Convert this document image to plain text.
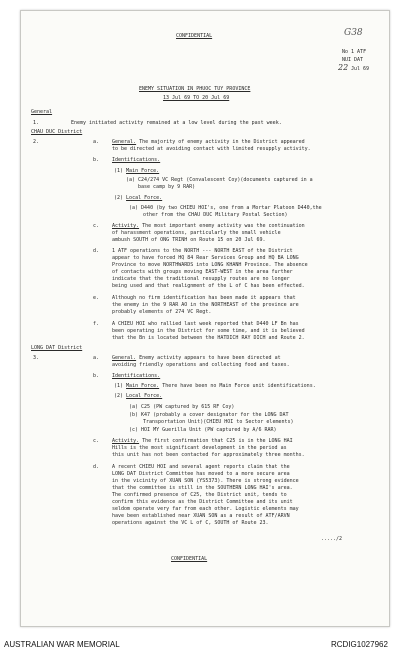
CONFIDENTIAL	G38
No 1 ATF
NUI DAT
22 Jul 69
ENEMY SITUATION IN PHUOC TUY PROVINCE
13 Jul 69 TO 20 Jul 69
General
1.	Enemy initiated activity remained at a low level during the past week.
CHAU DUC District
2.	a.	General. The majority of enemy activity in the District appeared
to be directed at avoiding contact with limited resupply activity.
b.	Identifications.
(1) Main Force.
(a) C24/274 VC Regt (Convalescent Coy)(documents captured in a
base camp by 9 RAR)
(2) Local Force.
(a) D440 (by two CHIEU HOI's, one from a Mortar Platoon D440,the
other from the CHAU DUC Military Postal Section)
c.	Activity. The most important enemy activity was the continuation
of harassment operations, particularly the small vehicle
ambush SOUTH of ONG TRINH on Route 15 on 20 Jul 69.
d.	1 ATF operations to the NORTH --- NORTH EAST of the District
appear to have forced HQ 84 Rear Services Group and HQ BA LONG
Province to move NORTHWARDS into LONG KHANH Province. The absence
of contacts with groups moving EAST-WEST in the area further
indicate that the traditional resupply routes are no longer
being used and that realignment of the L of C has been effected.
e.	Although no firm identification has been made it appears that
the enemy in the 9 RAR AO in the NORTHEAST of the province are
probably elements of 274 VC Regt.
f.	A CHIEU HOI who rallied last week reported that D440 LF Bn has
been operating in the District for some time, and it is believed
that the Bn is located between the HATDICH RAY DICH and Route 2.
LONG DAT District
3.	a.	General. Enemy activity appears to have been directed at
avoiding friendly operations and collecting food and taxes.
b.	Identifications.
(1) Main Force. There have been no Main Force unit identifications.
(2) Local Force.
(a) C25 (PW captured by 615 RF Coy)
(b) K47 (probably a cover designator for the LONG DAT
Transportation Unit)(CHIEU HOI to Sector elements)
(c) HOI MY Guerilla Unit (PW captured by A/6 RAR)
c.	Activity. The first confirmation that C25 is in the LONG HAI
Hills is the most significant development in the period as
this unit has not been contacted for approximately three months.
d.	A recent CHIEU HOI and several agent reports claim that the
LONG DAT District Committee has moved to a more secure area
in the vicinity of XUAN SON (YS5373). There is strong evidence
that the committee is still in the SOUTHERN LONG HAI's area.
The confirmed presence of C25, the District unit, tends to
confirm this evidence as the District Committee and its unit
seldom operate very far from each other. Logistic elements may
have been established near XUAN SON as a result of ATF/ARVN
operations against the VC L of C, SOUTH of Route 23.
...../2
CONFIDENTIAL
AUSTRALIAN WAR MEMORIAL	RCDIG1027962
